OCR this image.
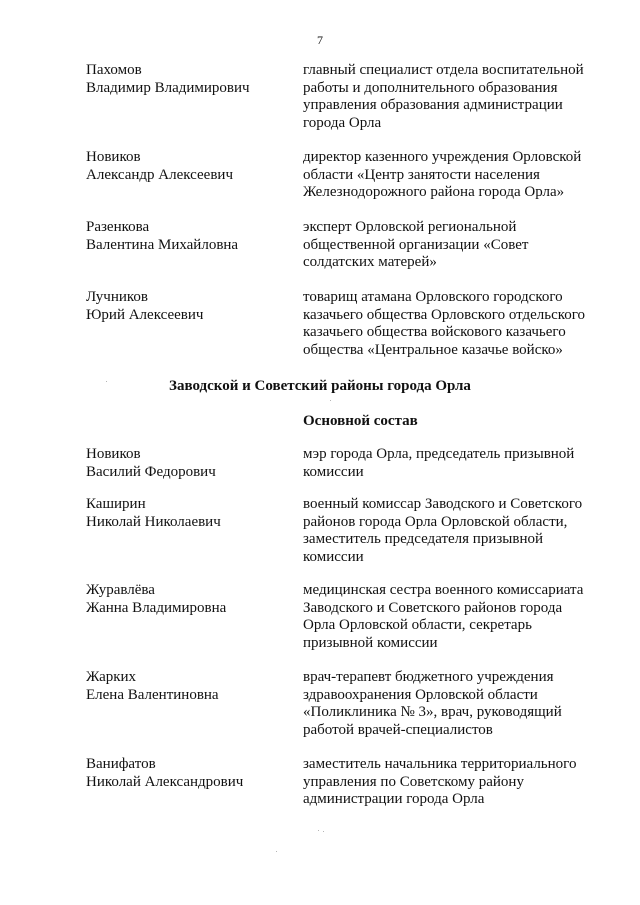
7
Пахомов
Владимир Владимирович
главный специалист отдела воспитательной
работы и дополнительного образования
управления образования администрации
города Орла
Новиков
Александр Алексеевич
директор казенного учреждения Орловской
области «Центр занятости населения
Железнодорожного района города Орла»
Разенкова
Валентина Михайловна
эксперт Орловской региональной
общественной организации «Совет
солдатских матерей»
Лучников
Юрий Алексеевич
товарищ атамана Орловского городского
казачьего общества Орловского отдельского
казачьего общества войскового казачьего
общества «Центральное казачье войско»
Заводской и Советский районы города Орла
Основной состав
Новиков
Василий Федорович
мэр города Орла, председатель призывной
комиссии
Каширин
Николай Николаевич
военный комиссар Заводского и Советского
районов города Орла Орловской области,
заместитель председателя призывной
комиссии
Журавлёва
Жанна Владимировна
медицинская сестра военного комиссариата
Заводского и Советского районов города
Орла Орловской области, секретарь
призывной комиссии
Жарких
Елена Валентиновна
врач-терапевт бюджетного учреждения
здравоохранения Орловской области
«Поликлиника № 3», врач, руководящий
работой врачей-специалистов
Ванифатов
Николай Александрович
заместитель начальника территориального
управления по Советскому району
администрации города Орла
